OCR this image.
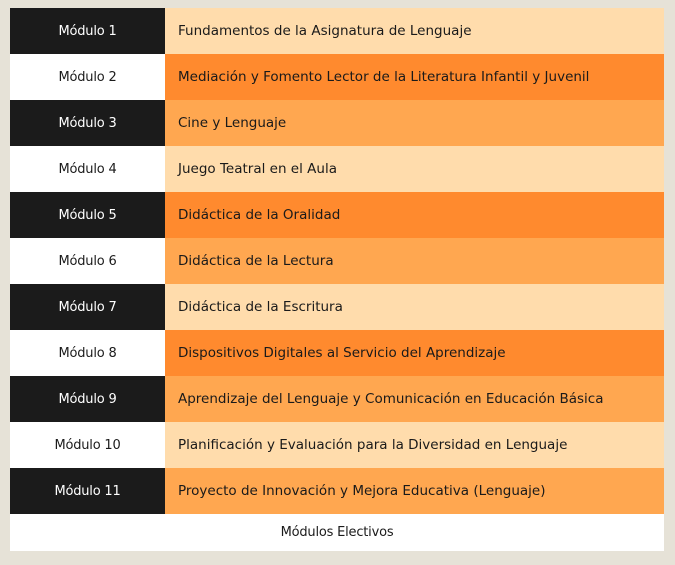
Módulo 1	Fundamentos de la Asignatura de Lenguaje
Módulo 2	Mediación y Fomento Lector de la Literatura Infantil y Juvenil
Módulo 3	Cine y Lenguaje
Módulo 4	Juego Teatral en el Aula
Módulo 5	Didáctica de la Oralidad
Módulo 6	Didáctica de la Lectura
Módulo 7	Didáctica de la Escritura
Módulo 8	Dispositivos Digitales al Servicio del Aprendizaje
Módulo 9	Aprendizaje del Lenguaje y Comunicación en Educación Básica
Módulo 10	Planificación y Evaluación para la Diversidad en Lenguaje
Módulo 11	Proyecto de Innovación y Mejora Educativa (Lenguaje)
Módulos Electivos
